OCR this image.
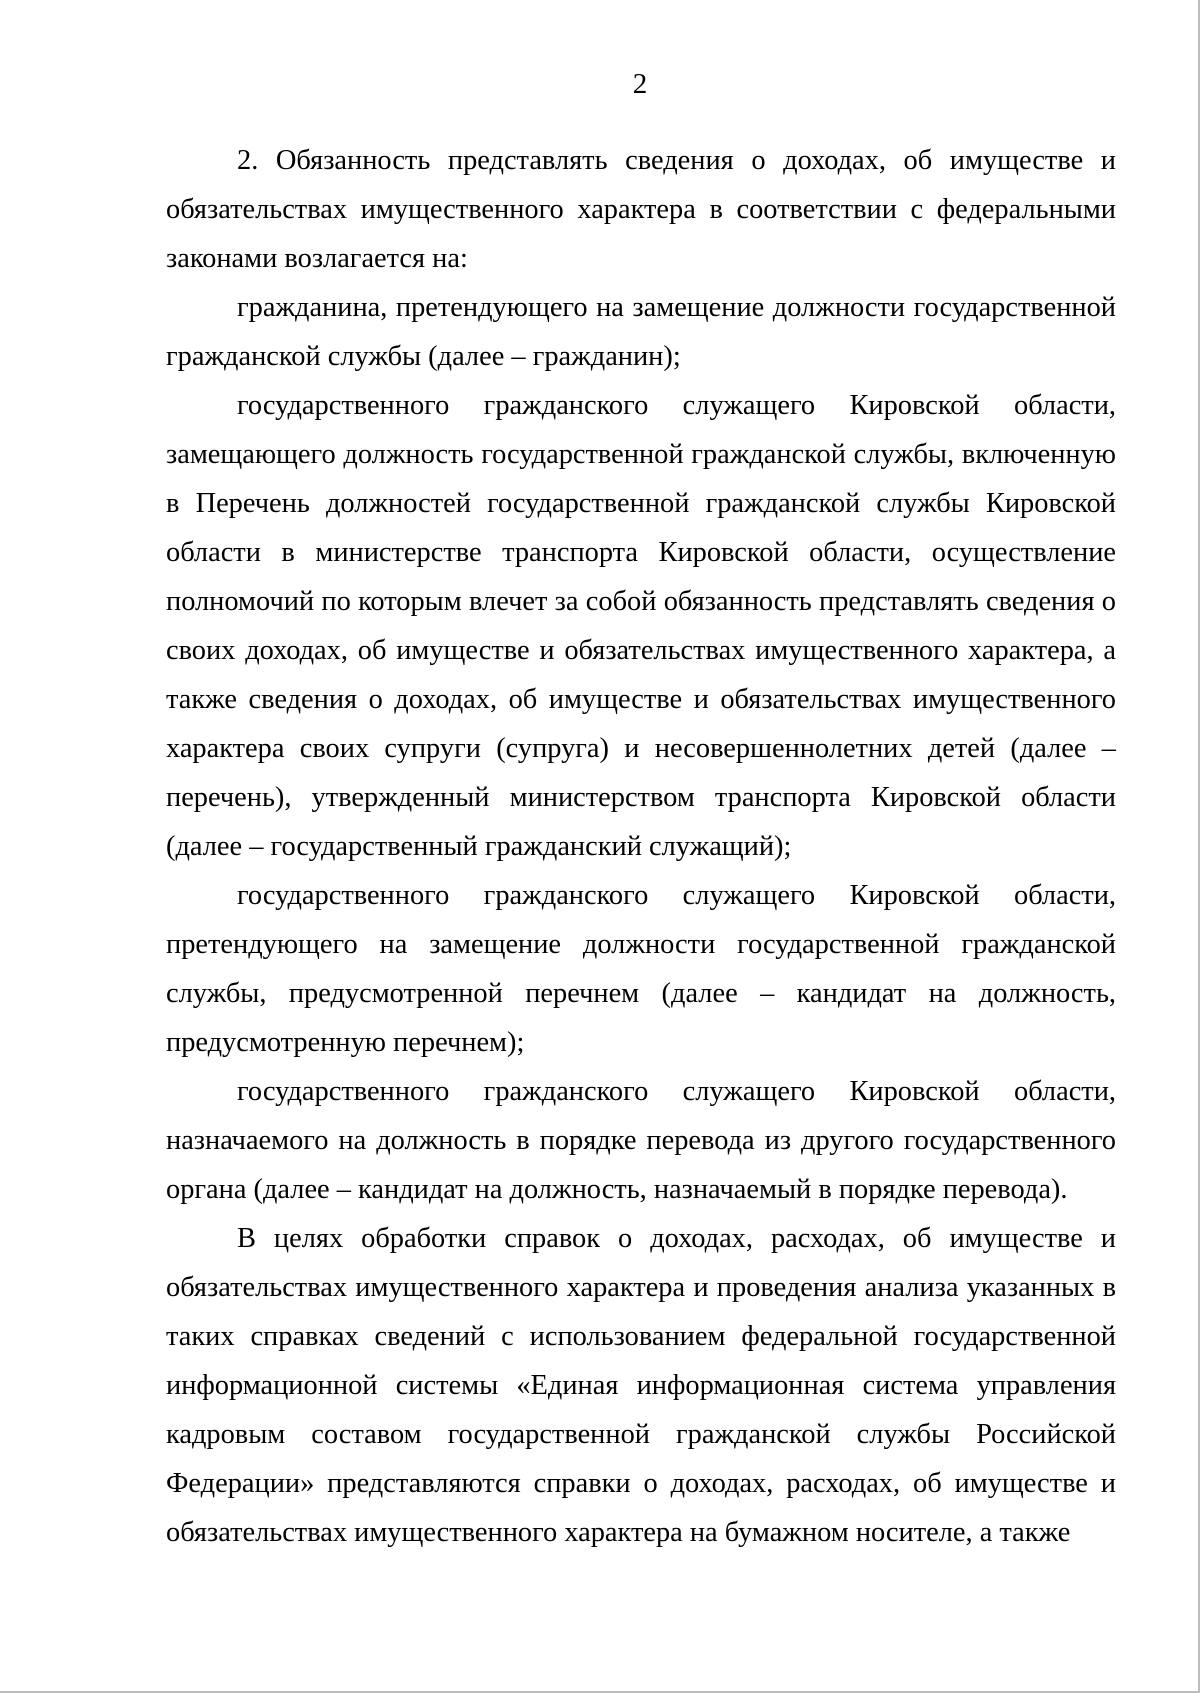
2

2. Обязанность представлять сведения о доходах, об имуществе и обязательствах имущественного характера в соответствии с федеральными законами возлагается на:

гражданина, претендующего на замещение должности государственной гражданской службы (далее – гражданин);

государственного гражданского служащего Кировской области, замещающего должность государственной гражданской службы, включенную в Перечень должностей государственной гражданской службы Кировской области в министерстве транспорта Кировской области, осуществление полномочий по которым влечет за собой обязанность представлять сведения о своих доходах, об имуществе и обязательствах имущественного характера, а также сведения о доходах, об имуществе и обязательствах имущественного характера своих супруги (супруга) и несовершеннолетних детей (далее – перечень), утвержденный министерством транспорта Кировской области (далее – государственный гражданский служащий);

государственного гражданского служащего Кировской области, претендующего на замещение должности государственной гражданской службы, предусмотренной перечнем (далее – кандидат на должность, предусмотренную перечнем);

государственного гражданского служащего Кировской области, назначаемого на должность в порядке перевода из другого государственного органа (далее – кандидат на должность, назначаемый в порядке перевода).

В целях обработки справок о доходах, расходах, об имуществе и обязательствах имущественного характера и проведения анализа указанных в таких справках сведений с использованием федеральной государственной информационной системы «Единая информационная система управления кадровым составом государственной гражданской службы Российской Федерации» представляются справки о доходах, расходах, об имуществе и обязательствах имущественного характера на бумажном носителе, а также
